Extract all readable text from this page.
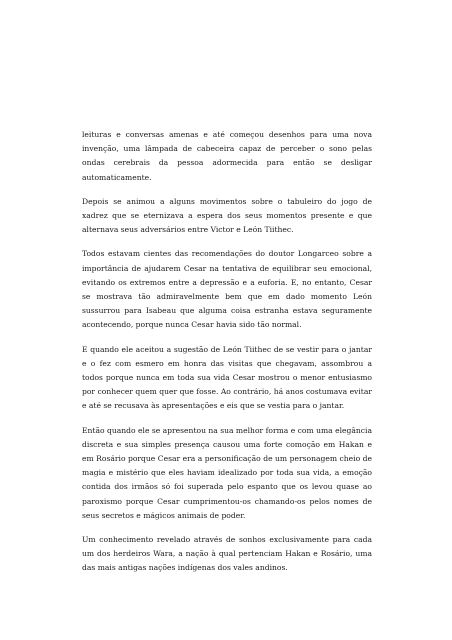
leituras e conversas amenas e até começou desenhos para uma nova invenção, uma lâmpada de cabeceira capaz de perceber o sono pelas ondas cerebrais da pessoa adormecida para então se desligar automaticamente.

Depois se animou a alguns movimentos sobre o tabuleiro do jogo de xadrez que se eternizava a espera dos seus momentos presente e que alternava seus adversários entre Victor e León Tiithec.

Todos estavam cientes das recomendações do doutor Longarceo sobre a importância de ajudarem Cesar na tentativa de equilibrar seu emocional, evitando os extremos entre a depressão e a euforia. E, no entanto, Cesar se mostrava tão admiravelmente bem que em dado momento León sussurrou para Isabeau que alguma coisa estranha estava seguramente acontecendo, porque nunca Cesar havia sido tão normal.

E quando ele aceitou a sugestão de León Tiithec de se vestir para o jantar e o fez com esmero em honra das visitas que chegavam, assombrou a todos porque nunca em toda sua vida Cesar mostrou o menor entusiasmo por conhecer quem quer que fosse. Ao contrário, há anos costumava evitar e até se recusava às apresentações e eis que se vestia para o jantar.

Então quando ele se apresentou na sua melhor forma e com uma elegância discreta e sua simples presença causou uma forte comoção em Hakan e em Rosário porque Cesar era a personificação de um personagem cheio de magia e mistério que eles haviam idealizado por toda sua vida, a emoção contida dos irmãos só foi superada pelo espanto que os levou quase ao paroxismo porque Cesar cumprimentou-os chamando-os pelos nomes de seus secretos e mágicos animais de poder.

Um conhecimento revelado através de sonhos exclusivamente para cada um dos herdeiros Wara, a nação à qual pertenciam Hakan e Rosário, uma das mais antigas nações indígenas dos vales andinos.
